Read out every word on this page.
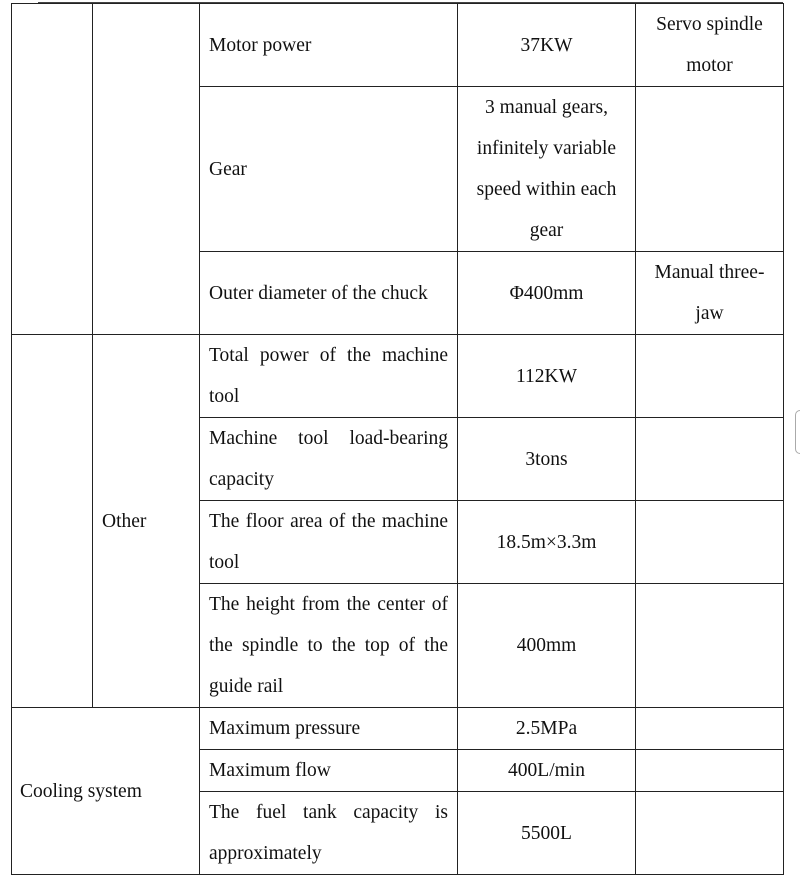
		Motor power	37KW	Servo spindle motor
		Gear	3 manual gears, infinitely variable speed within each gear	
		Outer diameter of the chuck	Φ400mm	Manual three-jaw
	Other	Total power of the machine tool	112KW	
		Machine tool load-bearing capacity	3tons	
		The floor area of the machine tool	18.5m×3.3m	
		The height from the center of the spindle to the top of the guide rail	400mm	
Cooling system		Maximum pressure	2.5MPa	
		Maximum flow	400L/min	
		The fuel tank capacity is approximately	5500L	
